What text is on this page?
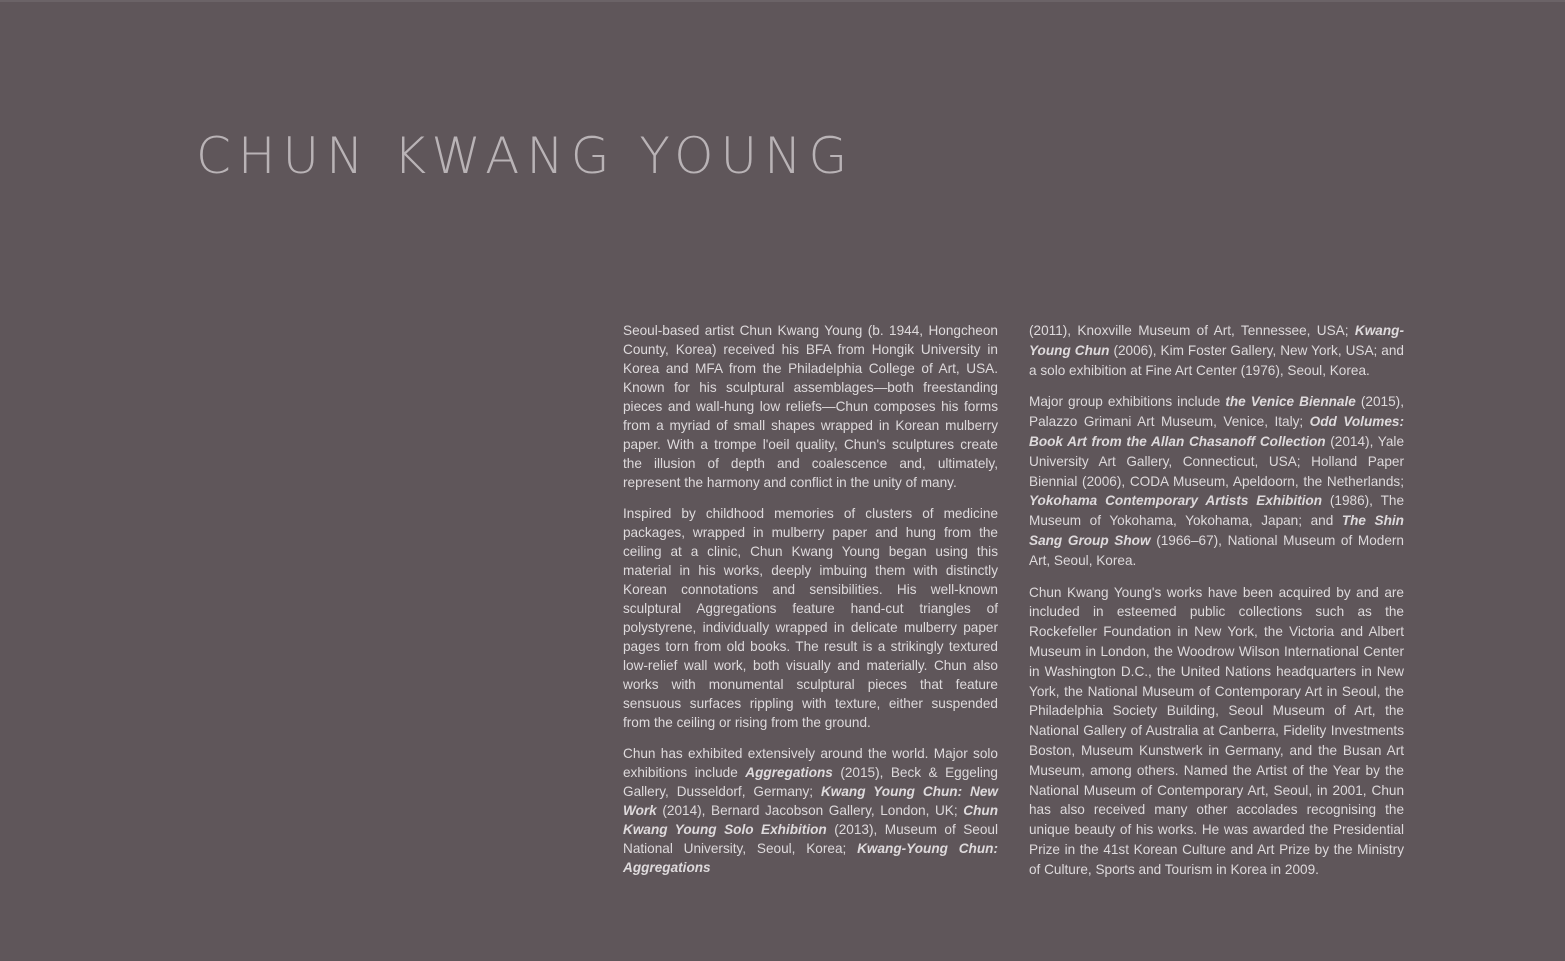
CHUN KWANG YOUNG

Seoul-based artist Chun Kwang Young (b. 1944, Hongcheon County, Korea) received his BFA from Hongik University in Korea and MFA from the Philadelphia College of Art, USA. Known for his sculptural assemblages—both freestanding pieces and wall-hung low reliefs—Chun composes his forms from a myriad of small shapes wrapped in Korean mulberry paper. With a trompe l'oeil quality, Chun's sculptures create the illusion of depth and coalescence and, ultimately, represent the harmony and conflict in the unity of many.

Inspired by childhood memories of clusters of medicine packages, wrapped in mulberry paper and hung from the ceiling at a clinic, Chun Kwang Young began using this material in his works, deeply imbuing them with distinctly Korean connotations and sensibilities. His well-known sculptural Aggregations feature hand-cut triangles of polystyrene, individually wrapped in delicate mulberry paper pages torn from old books. The result is a strikingly textured low-relief wall work, both visually and materially. Chun also works with monumental sculptural pieces that feature sensuous surfaces rippling with texture, either suspended from the ceiling or rising from the ground.

Chun has exhibited extensively around the world. Major solo exhibitions include Aggregations (2015), Beck & Eggeling Gallery, Dusseldorf, Germany; Kwang Young Chun: New Work (2014), Bernard Jacobson Gallery, London, UK; Chun Kwang Young Solo Exhibition (2013), Museum of Seoul National University, Seoul, Korea; Kwang-Young Chun: Aggregations

(2011), Knoxville Museum of Art, Tennessee, USA; Kwang-Young Chun (2006), Kim Foster Gallery, New York, USA; and a solo exhibition at Fine Art Center (1976), Seoul, Korea.

Major group exhibitions include the Venice Biennale (2015), Palazzo Grimani Art Museum, Venice, Italy; Odd Volumes: Book Art from the Allan Chasanoff Collection (2014), Yale University Art Gallery, Connecticut, USA; Holland Paper Biennial (2006), CODA Museum, Apeldoorn, the Netherlands; Yokohama Contemporary Artists Exhibition (1986), The Museum of Yokohama, Yokohama, Japan; and The Shin Sang Group Show (1966–67), National Museum of Modern Art, Seoul, Korea.

Chun Kwang Young's works have been acquired by and are included in esteemed public collections such as the Rockefeller Foundation in New York, the Victoria and Albert Museum in London, the Woodrow Wilson International Center in Washington D.C., the United Nations headquarters in New York, the National Museum of Contemporary Art in Seoul, the Philadelphia Society Building, Seoul Museum of Art, the National Gallery of Australia at Canberra, Fidelity Investments Boston, Museum Kunstwerk in Germany, and the Busan Art Museum, among others. Named the Artist of the Year by the National Museum of Contemporary Art, Seoul, in 2001, Chun has also received many other accolades recognising the unique beauty of his works. He was awarded the Presidential Prize in the 41st Korean Culture and Art Prize by the Ministry of Culture, Sports and Tourism in Korea in 2009.
